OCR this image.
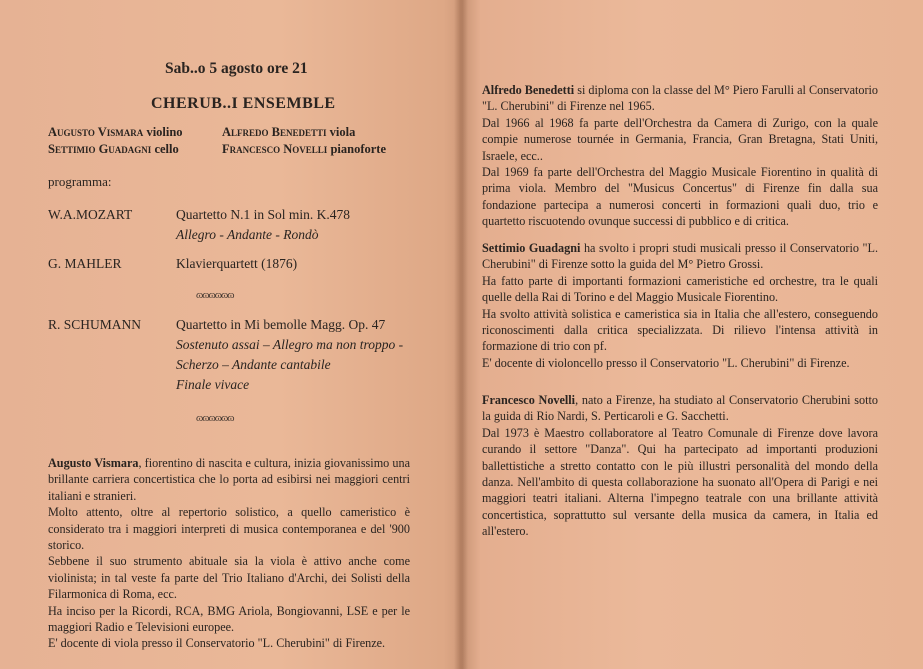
Sab..o 5 agosto ore 21
CHERUB..I ENSEMBLE
Augusto Vismara violino	Alfredo Benedetti viola
Settimio Guadagni cello	Francesco Novelli pianoforte
programma:
W.A.MOZART	Quartetto N.1 in Sol min. K.478
Allegro - Andante - Rondò
G. MAHLER	Klavierquartett (1876)
ɷɷɷɷɷɷ
R. SCHUMANN	Quartetto in Mi bemolle Magg. Op. 47
Sostenuto assai – Allegro ma non troppo -
Scherzo – Andante cantabile
Finale vivace
ɷɷɷɷɷɷ

Augusto Vismara, fiorentino di nascita e cultura, inizia giovanissimo una brillante carriera concertistica che lo porta ad esibirsi nei maggiori centri italiani e stranieri.

Molto attento, oltre al repertorio solistico, a quello cameristico è considerato tra i maggiori interpreti di musica contemporanea e del '900 storico.

Sebbene il suo strumento abituale sia la viola è attivo anche come violinista; in tal veste fa parte del Trio Italiano d'Archi, dei Solisti della Filarmonica di Roma, ecc.

Ha inciso per la Ricordi, RCA, BMG Ariola, Bongiovanni, LSE e per le maggiori Radio e Televisioni europee.

E' docente di viola presso il Conservatorio "L. Cherubini" di Firenze.

Alfredo Benedetti si diploma con la classe del M° Piero Farulli al Conservatorio "L. Cherubini" di Firenze nel 1965.

Dal 1966 al 1968 fa parte dell'Orchestra da Camera di Zurigo, con la quale compie numerose tournée in Germania, Francia, Gran Bretagna, Stati Uniti, Israele, ecc..

Dal 1969 fa parte dell'Orchestra del Maggio Musicale Fiorentino in qualità di prima viola. Membro del "Musicus Concertus" di Firenze fin dalla sua fondazione partecipa a numerosi concerti in formazioni quali duo, trio e quartetto riscuotendo ovunque successi di pubblico e di critica.

Settimio Guadagni ha svolto i propri studi musicali presso il Conservatorio "L. Cherubini" di Firenze sotto la guida del M° Pietro Grossi.

Ha fatto parte di importanti formazioni cameristiche ed orchestre, tra le quali quelle della Rai di Torino e del Maggio Musicale Fiorentino.

Ha svolto attività solistica e cameristica sia in Italia che all'estero, conseguendo riconoscimenti dalla critica specializzata. Di rilievo l'intensa attività in formazione di trio con pf.

E' docente di violoncello presso il Conservatorio "L. Cherubini" di Firenze.

Francesco Novelli, nato a Firenze, ha studiato al Conservatorio Cherubini sotto la guida di Rio Nardi, S. Perticaroli e G. Sacchetti.

Dal 1973 è Maestro collaboratore al Teatro Comunale di Firenze dove lavora curando il settore "Danza". Qui ha partecipato ad importanti produzioni ballettistiche a stretto contatto con le più illustri personalità del mondo della danza. Nell'ambito di questa collaborazione ha suonato all'Opera di Parigi e nei maggiori teatri italiani. Alterna l'impegno teatrale con una brillante attività concertistica, soprattutto sul versante della musica da camera, in Italia ed all'estero.
